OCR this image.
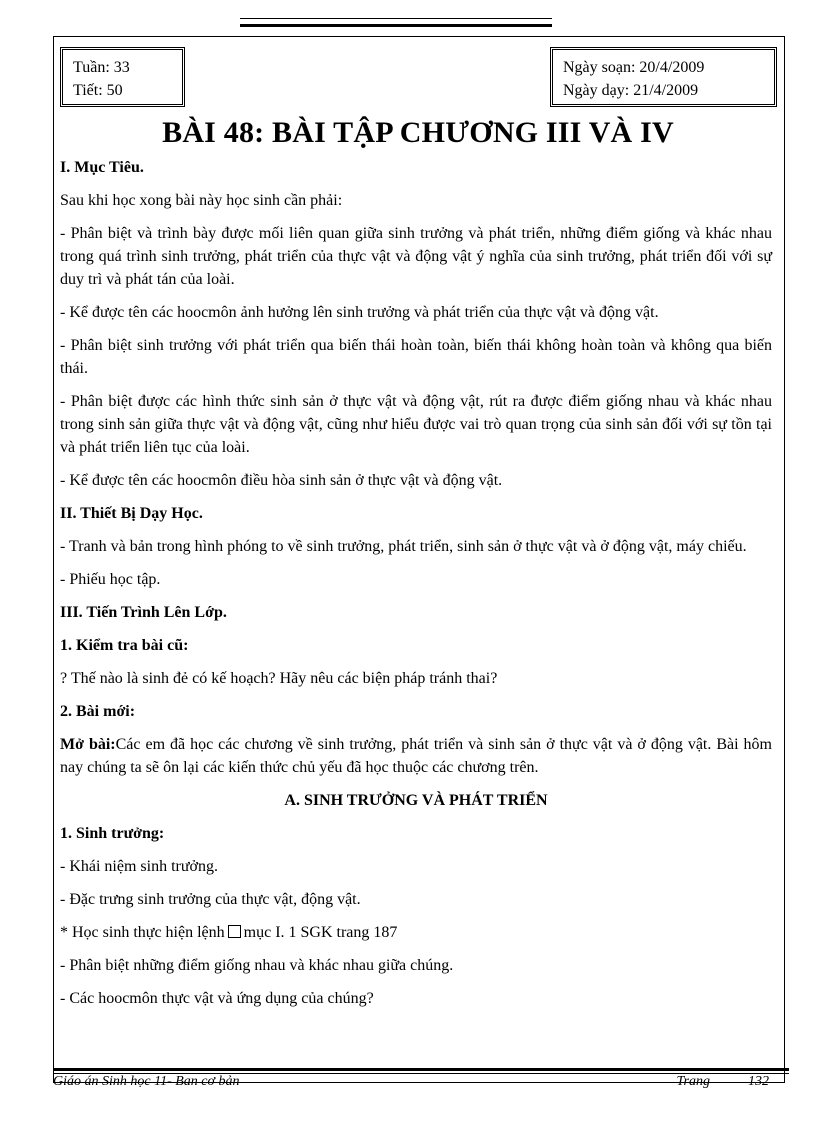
Tuần: 33
Tiết: 50
Ngày soạn: 20/4/2009
Ngày dạy: 21/4/2009
BÀI 48: BÀI TẬP CHƯƠNG III VÀ IV

I. Mục Tiêu.

Sau khi học xong bài này học sinh cần phải:

- Phân biệt và trình bày được mối liên quan giữa sinh trưởng và phát triển, những điểm giống và khác nhau trong quá trình sinh trưởng, phát triển của thực vật và động vật ý nghĩa của sinh trưởng, phát triển đối với sự duy trì và phát tán của loài.

- Kể được tên các hoocmôn ảnh hưởng lên sinh trưởng và phát triển của thực vật và động vật.

- Phân biệt sinh trưởng với phát triển qua biến thái hoàn toàn, biến thái không hoàn toàn và không qua biến thái.

- Phân biệt được các hình thức sinh sản ở thực vật và động vật, rút ra được điểm giống nhau và khác nhau trong sinh sản giữa thực vật và động vật, cũng như hiểu được vai trò quan trọng của sinh sản đối với sự tồn tại và phát triển liên tục của loài.

- Kể được tên các hoocmôn điều hòa sinh sản ở thực vật và động vật.

II. Thiết Bị Dạy Học.

- Tranh và bản trong hình phóng to về sinh trưởng, phát triển, sinh sản ở thực vật và ở động vật, máy chiếu.

- Phiếu học tập.

III. Tiến Trình Lên Lớp.

1. Kiểm tra bài cũ:

? Thế nào là sinh đẻ có kế hoạch? Hãy nêu các biện pháp tránh thai?

2. Bài mới:

Mở bài:Các em đã học các chương về sinh trưởng, phát triển và sinh sản ở thực vật và ở động vật. Bài hôm nay chúng ta sẽ ôn lại các kiến thức chủ yếu đã học thuộc các chương trên.

A. SINH TRƯỞNG VÀ PHÁT TRIỂN

1. Sinh trưởng:

- Khái niệm sinh trưởng.

- Đặc trưng sinh trưởng của thực vật, động vật.

* Học sinh thực hiện lệnh mục I. 1 SGK trang 187

- Phân biệt những điểm giống nhau và khác nhau giữa chúng.

- Các hoocmôn thực vật và ứng dụng của chúng?

Giáo án Sinh học 11- Ban cơ bản	Trang	132
